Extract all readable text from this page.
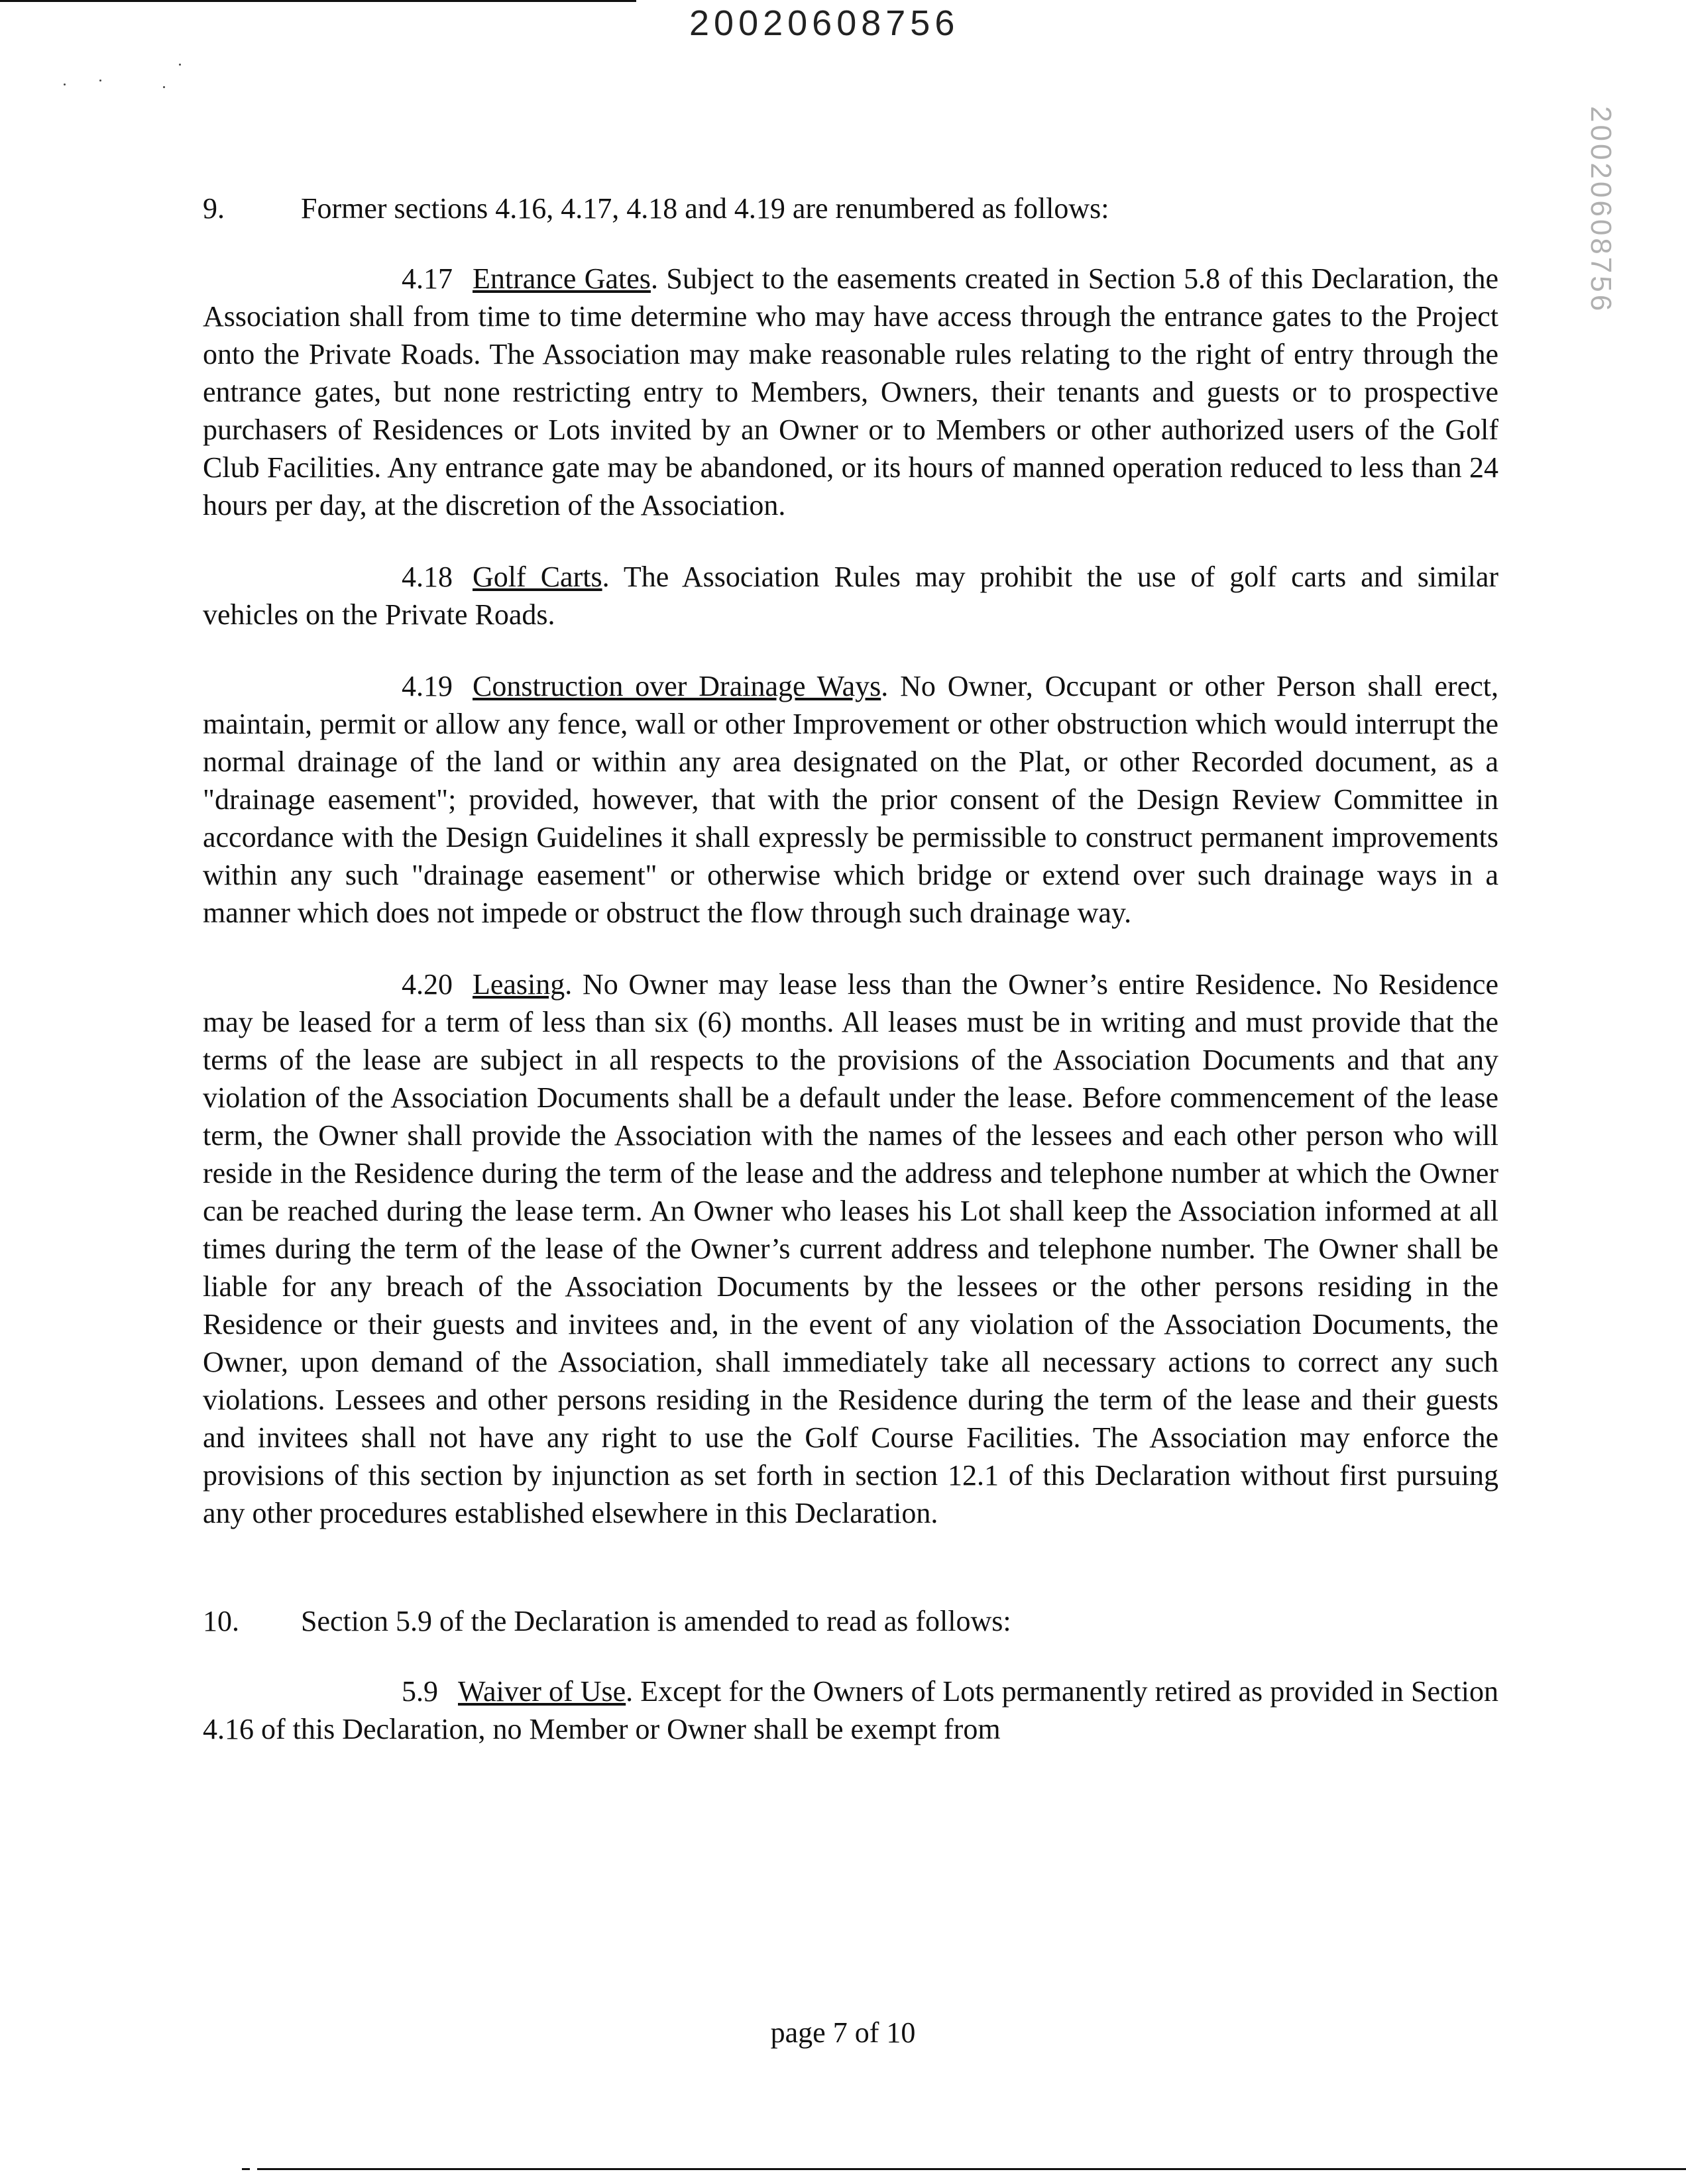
20020608756
20020608756
9.	Former sections 4.16, 4.17, 4.18 and 4.19 are renumbered as follows:

4.17 Entrance Gates. Subject to the easements created in Section 5.8 of this Declaration, the Association shall from time to time determine who may have access through the entrance gates to the Project onto the Private Roads. The Association may make reasonable rules relating to the right of entry through the entrance gates, but none restricting entry to Members, Owners, their tenants and guests or to prospective purchasers of Residences or Lots invited by an Owner or to Members or other authorized users of the Golf Club Facilities. Any entrance gate may be abandoned, or its hours of manned operation reduced to less than 24 hours per day, at the discretion of the Association.

4.18 Golf Carts. The Association Rules may prohibit the use of golf carts and similar vehicles on the Private Roads.

4.19 Construction over Drainage Ways. No Owner, Occupant or other Person shall erect, maintain, permit or allow any fence, wall or other Improvement or other obstruction which would interrupt the normal drainage of the land or within any area designated on the Plat, or other Recorded document, as a "drainage easement"; provided, however, that with the prior consent of the Design Review Committee in accordance with the Design Guidelines it shall expressly be permissible to construct permanent improvements within any such "drainage easement" or otherwise which bridge or extend over such drainage ways in a manner which does not impede or obstruct the flow through such drainage way.

4.20 Leasing. No Owner may lease less than the Owner’s entire Residence. No Residence may be leased for a term of less than six (6) months. All leases must be in writing and must provide that the terms of the lease are subject in all respects to the provisions of the Association Documents and that any violation of the Association Documents shall be a default under the lease. Before commencement of the lease term, the Owner shall provide the Association with the names of the lessees and each other person who will reside in the Residence during the term of the lease and the address and telephone number at which the Owner can be reached during the lease term. An Owner who leases his Lot shall keep the Association informed at all times during the term of the lease of the Owner’s current address and telephone number. The Owner shall be liable for any breach of the Association Documents by the lessees or the other persons residing in the Residence or their guests and invitees and, in the event of any violation of the Association Documents, the Owner, upon demand of the Association, shall immediately take all necessary actions to correct any such violations. Lessees and other persons residing in the Residence during the term of the lease and their guests and invitees shall not have any right to use the Golf Course Facilities. The Association may enforce the provisions of this section by injunction as set forth in section 12.1 of this Declaration without first pursuing any other procedures established elsewhere in this Declaration.

10. Section 5.9 of the Declaration is amended to read as follows:

5.9 Waiver of Use. Except for the Owners of Lots permanently retired as provided in Section 4.16 of this Declaration, no Member or Owner shall be exempt from

page 7 of 10
